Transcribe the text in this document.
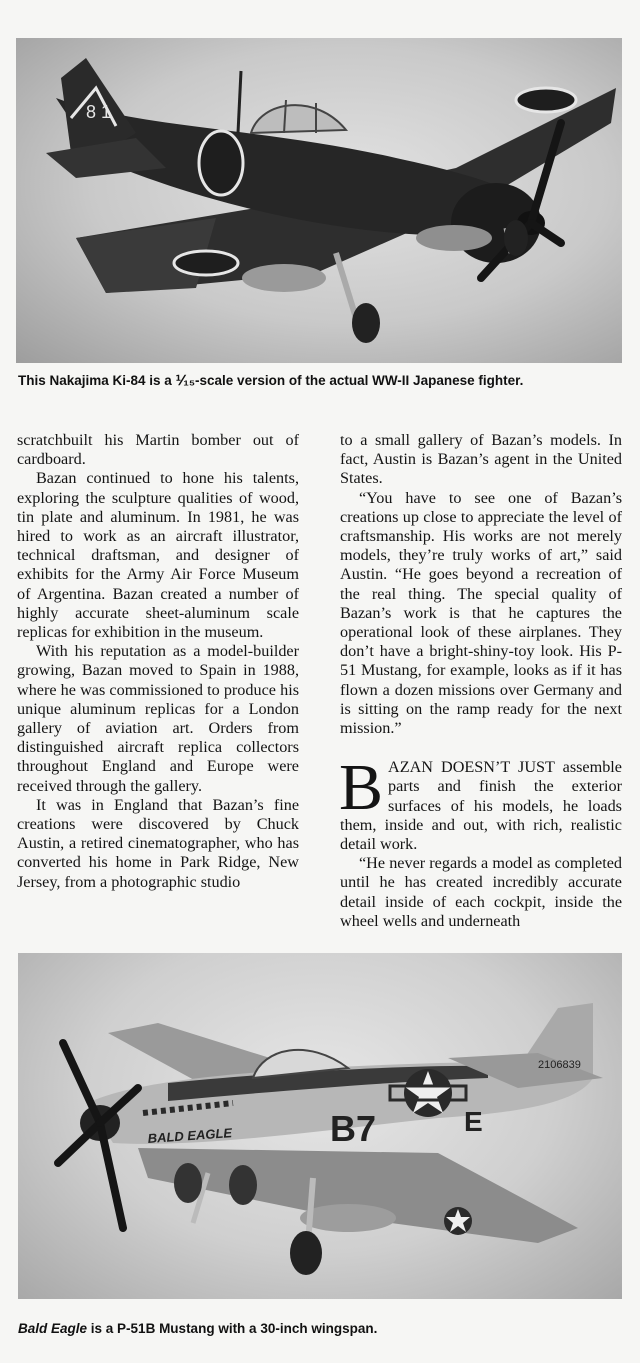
8 1
This Nakajima Ki-84 is a ⅟₁₅-scale version of the actual WW-II Japanese fighter.

scratchbuilt his Martin bomber out of cardboard.

Bazan continued to hone his talents, exploring the sculpture qualities of wood, tin plate and aluminum. In 1981, he was hired to work as an aircraft illustrator, technical draftsman, and designer of exhibits for the Army Air Force Museum of Argentina. Bazan created a number of highly accurate sheet-aluminum scale replicas for exhibition in the museum.

With his reputation as a model-builder growing, Bazan moved to Spain in 1988, where he was commissioned to produce his unique aluminum replicas for a London gallery of aviation art. Orders from distinguished aircraft replica collectors throughout England and Europe were received through the gallery.

It was in England that Bazan’s fine creations were discovered by Chuck Austin, a retired cinematographer, who has converted his home in Park Ridge, New Jersey, from a photographic studio

to a small gallery of Bazan’s models. In fact, Austin is Bazan’s agent in the United States.

“You have to see one of Bazan’s creations up close to appreciate the level of craftsmanship. His works are not merely models, they’re truly works of art,” said Austin. “He goes beyond a recreation of the real thing. The special quality of Bazan’s work is that he captures the operational look of these airplanes. They don’t have a bright-shiny-toy look. His P-51 Mustang, for example, looks as if it has flown a dozen missions over Germany and is sitting on the ramp ready for the next mission.”

BAZAN DOESN’T JUST assemble parts and finish the exterior surfaces of his models, he loads them, inside and out, with rich, realistic detail work.

“He never regards a model as completed until he has created incredibly accurate detail inside of each cockpit, inside the wheel wells and underneath

B7	E
2106839
BALD EAGLE
Bald Eagle is a P-51B Mustang with a 30-inch wingspan.
